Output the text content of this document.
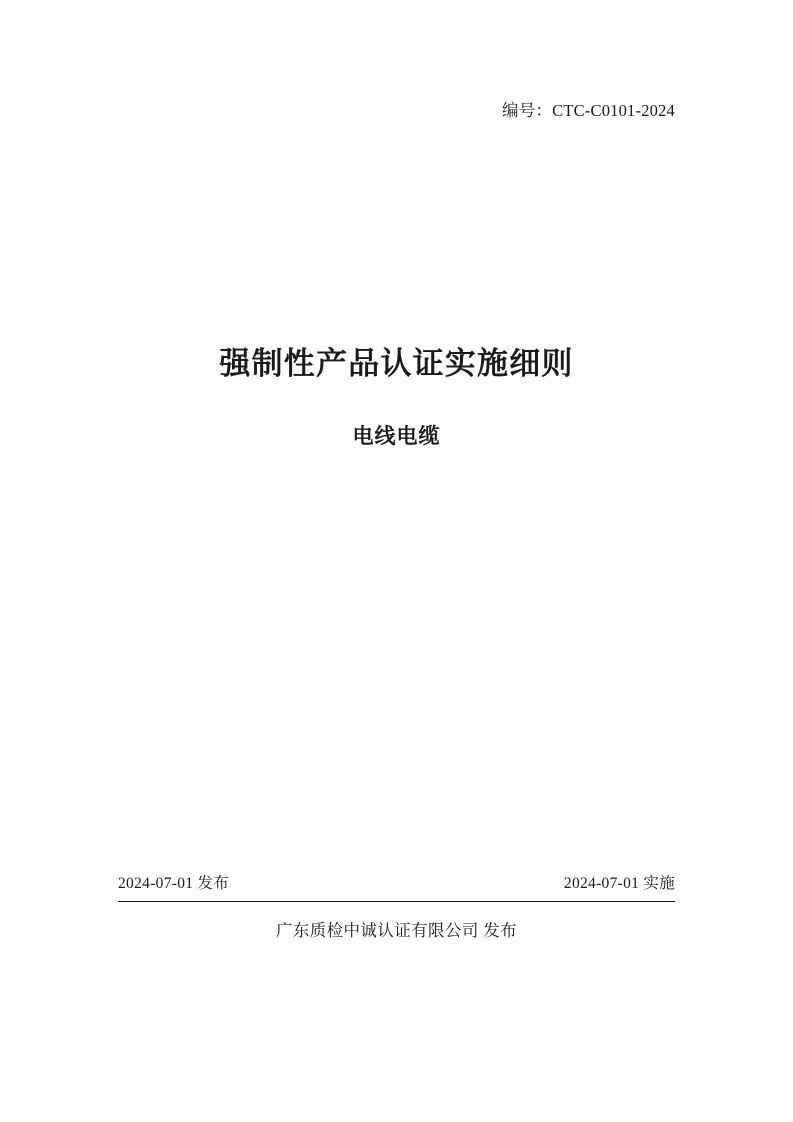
编号：CTC-C0101-2024
强制性产品认证实施细则
电线电缆
2024-07-01 发布	2024-07-01 实施
广东质检中诚认证有限公司 发布
